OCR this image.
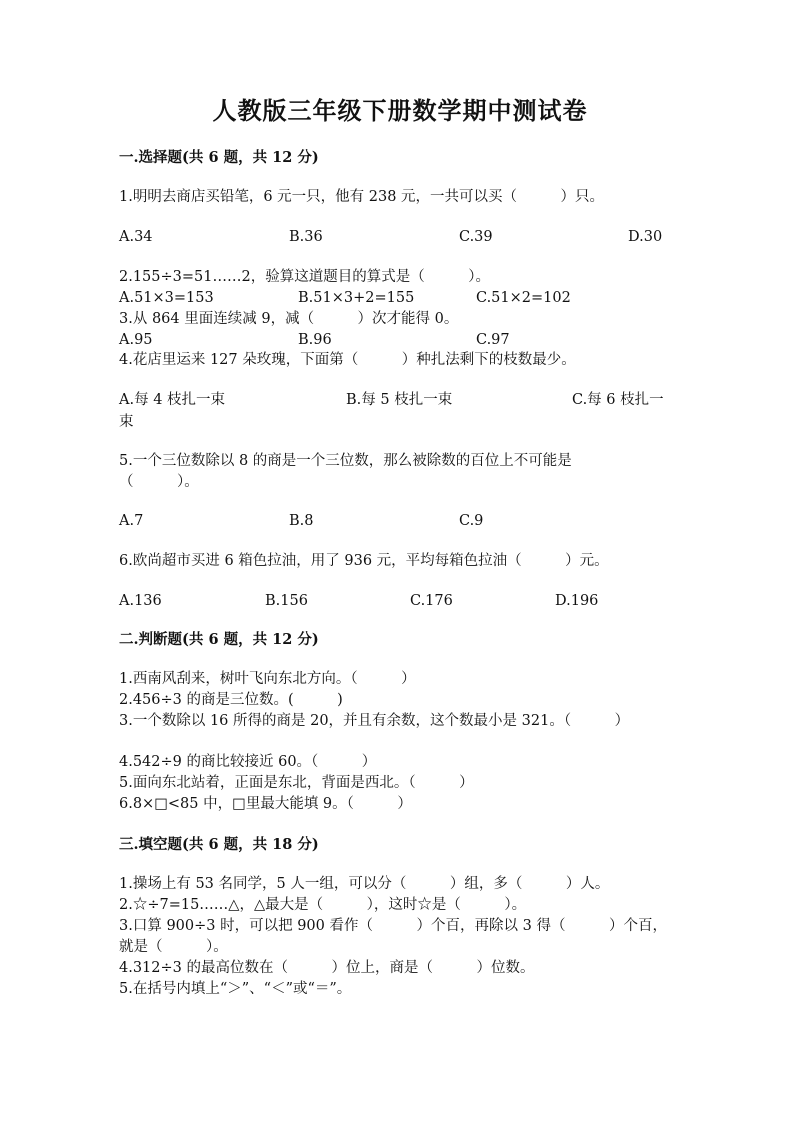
人教版三年级下册数学期中测试卷
一.选择题(共 6 题，共 12 分)
1.明明去商店买铅笔，6 元一只，他有 238 元，一共可以买（　　　）只。
A.34	B.36	C.39	D.30
2.155÷3=51……2，验算这道题目的算式是（　　　）。
A.51×3=153	B.51×3+2=155	C.51×2=102
3.从 864 里面连续减 9，减（　　　）次才能得 0。
A.95	B.96	C.97
4.花店里运来 127 朵玫瑰，下面第（　　　）种扎法剩下的枝数最少。
A.每 4 枝扎一束	B.每 5 枝扎一束	C.每 6 枝扎一
束
5.一个三位数除以 8 的商是一个三位数，那么被除数的百位上不可能是
（　　　）。
A.7	B.8	C.9
6.欧尚超市买进 6 箱色拉油，用了 936 元，平均每箱色拉油（　　　）元。
A.136	B.156	C.176	D.196
二.判断题(共 6 题，共 12 分)
1.西南风刮来，树叶飞向东北方向。（　　　）
2.456÷3 的商是三位数。(　　　)
3.一个数除以 16 所得的商是 20，并且有余数，这个数最小是 321。（　　　）
4.542÷9 的商比较接近 60。（　　　）
5.面向东北站着，正面是东北，背面是西北。（　　　）
6.8×□<85 中，□里最大能填 9。（　　　）
三.填空题(共 6 题，共 18 分)
1.操场上有 53 名同学，5 人一组，可以分（　　　）组，多（　　　）人。
2.☆÷7=15……△，△最大是（　　　），这时☆是（　　　）。
3.口算 900÷3 时，可以把 900 看作（　　　）个百，再除以 3 得（　　　）个百，
就是（　　　）。
4.312÷3 的最高位数在（　　　）位上，商是（　　　）位数。
5.在括号内填上“＞”、“＜”或“＝”。
